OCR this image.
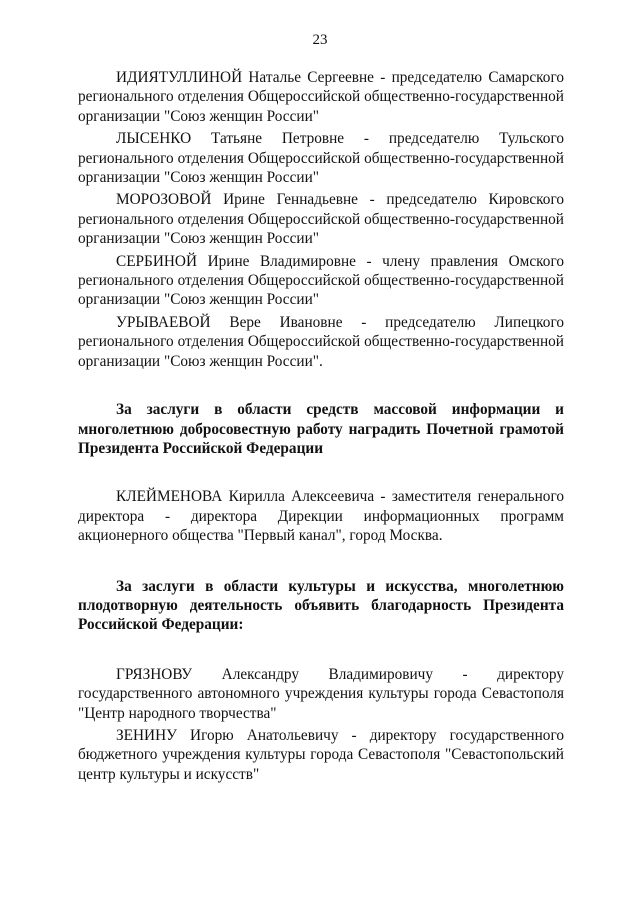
23

ИДИЯТУЛЛИНОЙ Наталье Сергеевне - председателю Самарского регионального отделения Общероссийской общественно-государственной организации "Союз женщин России"

ЛЫСЕНКО Татьяне Петровне - председателю Тульского регионального отделения Общероссийской общественно-государственной организации "Союз женщин России"

МОРОЗОВОЙ Ирине Геннадьевне - председателю Кировского регионального отделения Общероссийской общественно-государственной организации "Союз женщин России"

СЕРБИНОЙ Ирине Владимировне - члену правления Омского регионального отделения Общероссийской общественно-государственной организации "Союз женщин России"

УРЫВАЕВОЙ Вере Ивановне - председателю Липецкого регионального отделения Общероссийской общественно-государственной организации "Союз женщин России".

За заслуги в области средств массовой информации и многолетнюю добросовестную работу наградить Почетной грамотой Президента Российской Федерации

КЛЕЙМЕНОВА Кирилла Алексеевича - заместителя генерального директора - директора Дирекции информационных программ акционерного общества "Первый канал", город Москва.

За заслуги в области культуры и искусства, многолетнюю плодотворную деятельность объявить благодарность Президента Российской Федерации:

ГРЯЗНОВУ Александру Владимировичу - директору государственного автономного учреждения культуры города Севастополя "Центр народного творчества"

ЗЕНИНУ Игорю Анатольевичу - директору государственного бюджетного учреждения культуры города Севастополя "Севастопольский центр культуры и искусств"
